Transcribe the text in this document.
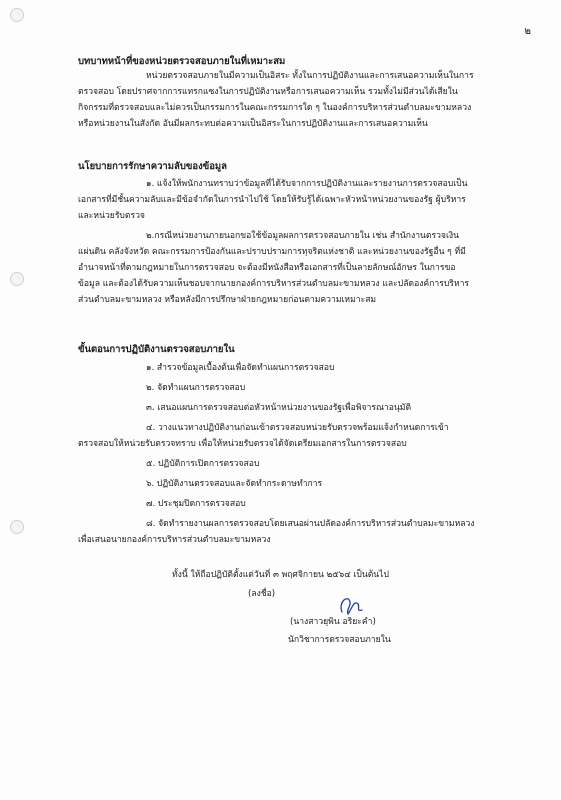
๒
บทบาทหน้าที่ของหน่วยตรวจสอบภายในที่เหมาะสม
หน่วยตรวจสอบภายในมีความเป็นอิสระ ทั้งในการปฏิบัติงานและการเสนอความเห็นในการ
ตรวจสอบ โดยปราศจากการแทรกแซงในการปฏิบัติงานหรือการเสนอความเห็น รวมทั้งไม่มีส่วนได้เสียใน
กิจกรรมที่ตรวจสอบและไม่ควรเป็นกรรมการในคณะกรรมการใด ๆ ในองค์การบริหารส่วนตำบลมะขามหลวง
หรือหน่วยงานในสังกัด อันมีผลกระทบต่อความเป็นอิสระในการปฏิบัติงานและการเสนอความเห็น
นโยบายการรักษาความลับของข้อมูล
๑. แจ้งให้พนักงานทราบว่าข้อมูลที่ได้รับจากการปฏิบัติงานและรายงานการตรวจสอบเป็น
เอกสารที่มีชั้นความลับและมีข้อจำกัดในการนำไปใช้ โดยให้รับรู้ได้เฉพาะหัวหน้าหน่วยงานของรัฐ ผู้บริหาร
และหน่วยรับตรวจ
๒.กรณีหน่วยงานภายนอกขอใช้ข้อมูลผลการตรวจสอบภายใน เช่น สำนักงานตรวจเงิน
แผ่นดิน คลังจังหวัด คณะกรรมการป้องกันและปราบปรามการทุจริตแห่งชาติ และหน่วยงานของรัฐอื่น ๆ ที่มี
อำนาจหน้าที่ตามกฎหมายในการตรวจสอบ จะต้องมีหนังสือหรือเอกสารที่เป็นลายลักษณ์อักษร ในการขอ
ข้อมูล และต้องได้รับความเห็นชอบจากนายกองค์การบริหารส่วนตำบลมะขามหลวง และปลัดองค์การบริหาร
ส่วนตำบลมะขามหลวง หรือหลังมีการปรึกษาฝ่ายกฎหมายก่อนตามความเหมาะสม
ขั้นตอนการปฏิบัติงานตรวจสอบภายใน
๑. สำรวจข้อมูลเบื้องต้นเพื่อจัดทำแผนการตรวจสอบ
๒. จัดทำแผนการตรวจสอบ
๓. เสนอแผนการตรวจสอบต่อหัวหน้าหน่วยงานของรัฐเพื่อพิจารณาอนุมัติ
๔. วางแนวทางปฏิบัติงานก่อนเข้าตรวจสอบหน่วยรับตรวจพร้อมแจ้งกำหนดการเข้า
ตรวจสอบให้หน่วยรับตรวจทราบ เพื่อให้หน่วยรับตรวจได้จัดเตรียมเอกสารในการตรวจสอบ
๕. ปฏิบัติการเปิดการตรวจสอบ
๖. ปฏิบัติงานตรวจสอบและจัดทำกระดาษทำการ
๗. ประชุมปิดการตรวจสอบ
๘. จัดทำรายงานผลการตรวจสอบโดยเสนอผ่านปลัดองค์การบริหารส่วนตำบลมะขามหลวง
เพื่อเสนอนายกองค์การบริหารส่วนตำบลมะขามหลวง
ทั้งนี้ ให้ถือปฏิบัติตั้งแต่วันที่ ๓ พฤศจิกายน ๒๕๖๔ เป็นต้นไป
(ลงชื่อ)
(นางสาวยุพิน อริยะคำ)
นักวิชาการตรวจสอบภายใน
